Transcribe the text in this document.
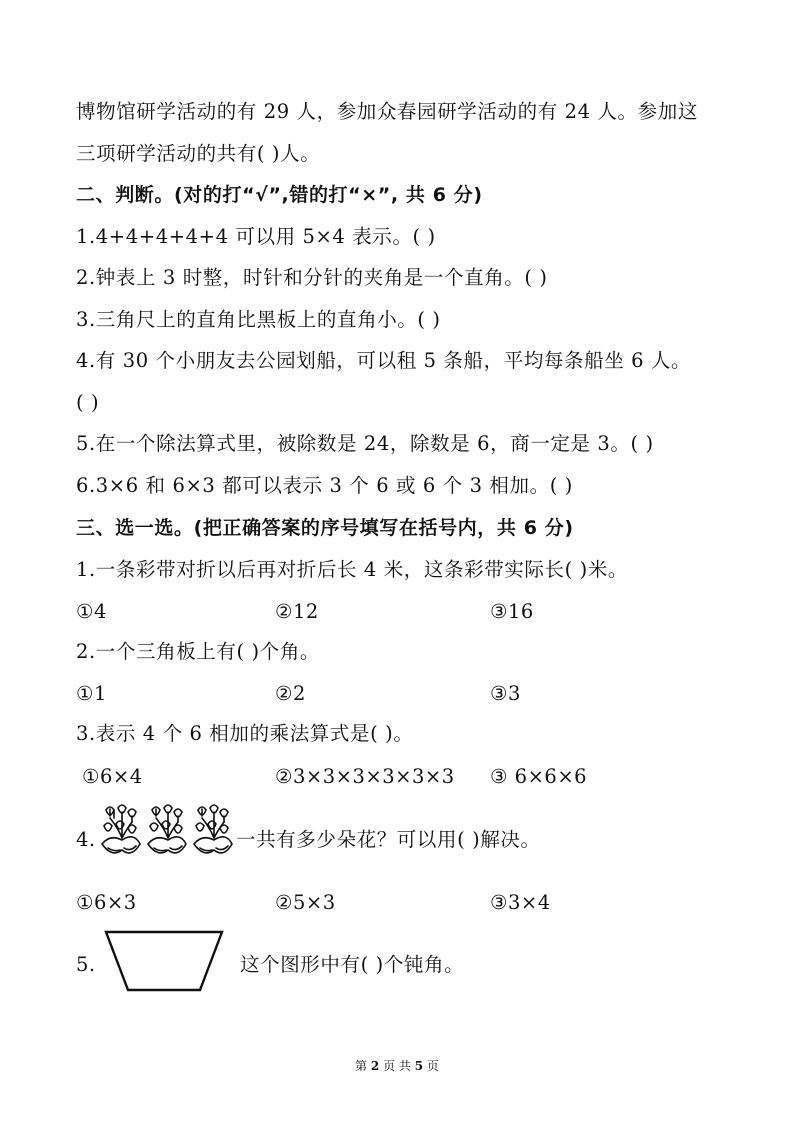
博物馆研学活动的有 29 人，参加众春园研学活动的有 24 人。参加这
三项研学活动的共有( )人。
二、判断。(对的打“√”,错的打“×”, 共 6 分)
1.4+4+4+4+4 可以用 5×4 表示。( )
2.钟表上 3 时整，时针和分针的夹角是一个直角。( )
3.三角尺上的直角比黑板上的直角小。( )
4.有 30 个小朋友去公园划船，可以租 5 条船，平均每条船坐 6 人。
( )
5.在一个除法算式里，被除数是 24，除数是 6，商一定是 3。( )
6.3×6 和 6×3 都可以表示 3 个 6 或 6 个 3 相加。( )
三、选一选。(把正确答案的序号填写在括号内，共 6 分)
1.一条彩带对折以后再对折后长 4 米，这条彩带实际长( )米。
①4	②12	③16
2.一个三角板上有( )个角。
①1	②2	③3
3.表示 4 个 6 相加的乘法算式是( )。
①6×4	②3×3×3×3×3×3 ③ 6×6×6
4.	一共有多少朵花？可以用( )解决。
①6×3	②5×3	③3×4
5.	这个图形中有( )个钝角。
第 2 页 共 5 页
